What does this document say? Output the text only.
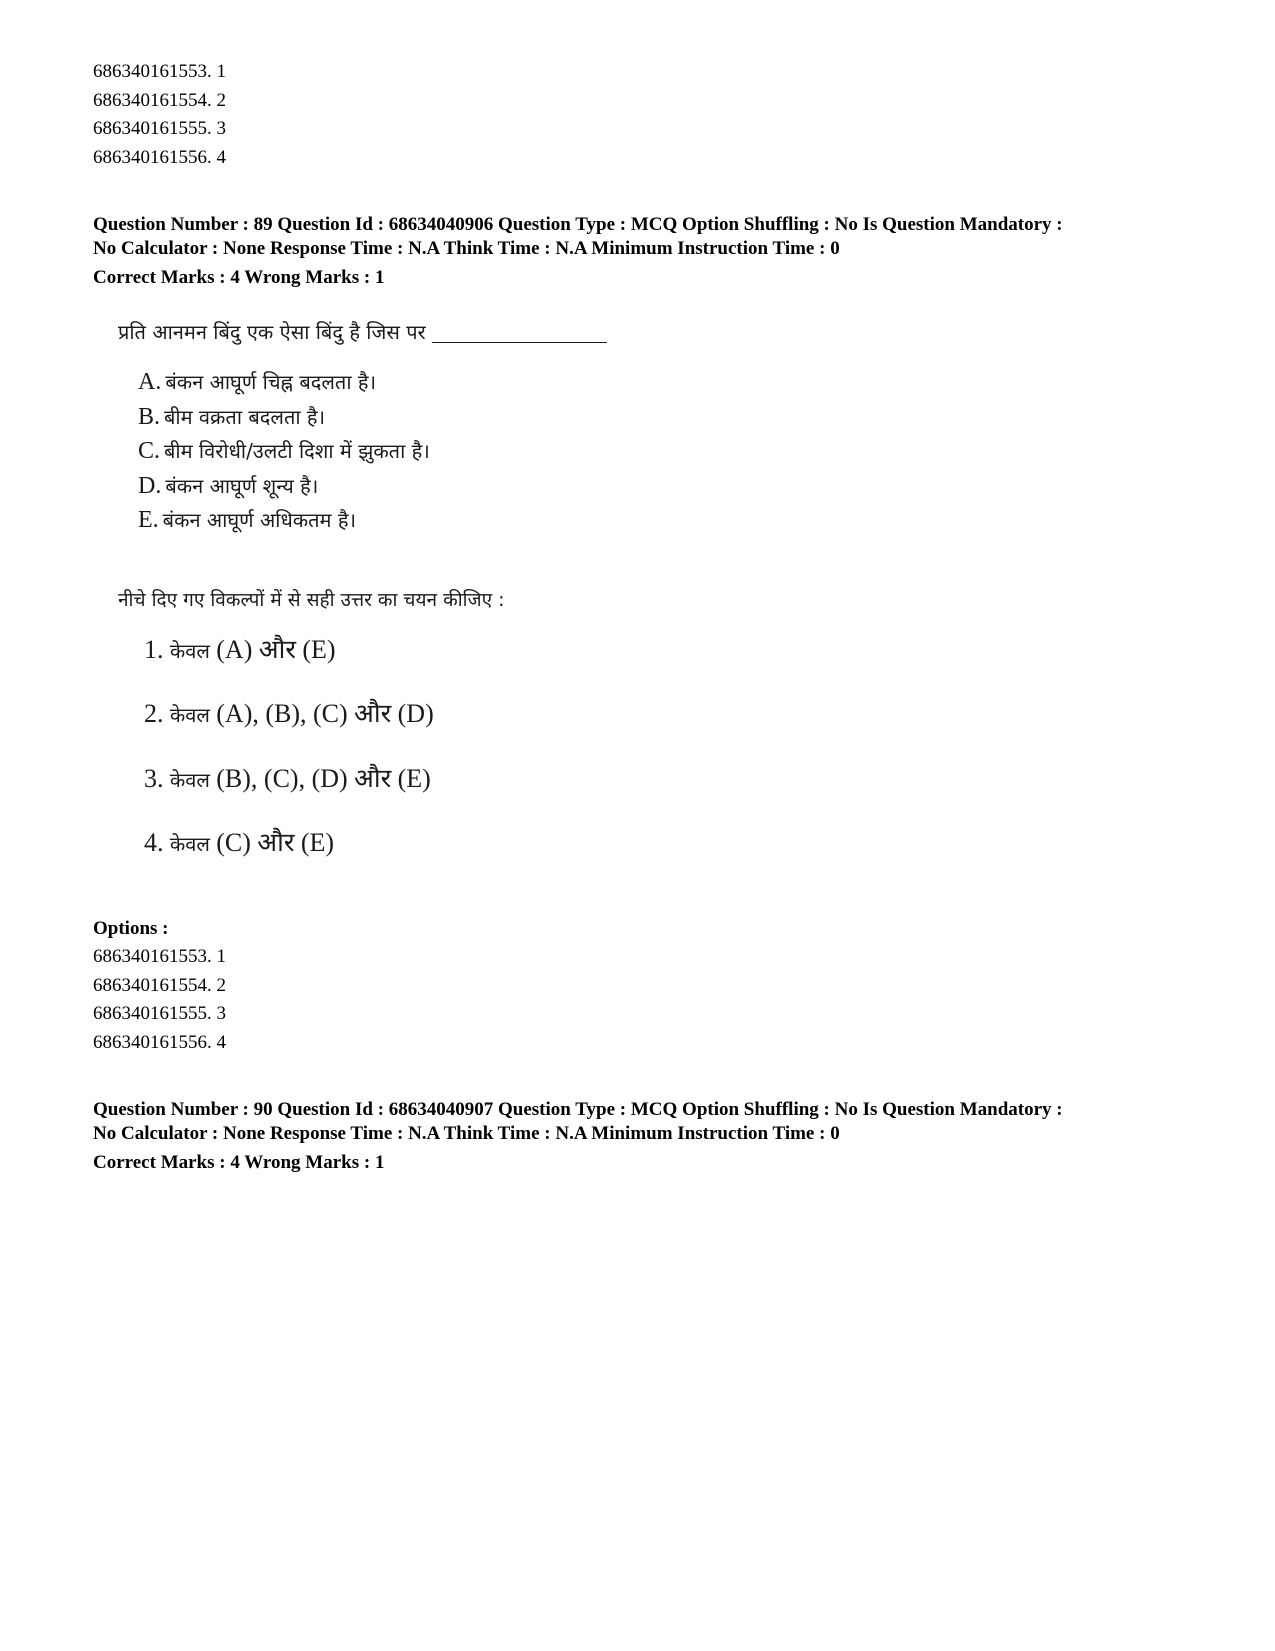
686340161553. 1
686340161554. 2
686340161555. 3
686340161556. 4
Question Number : 89 Question Id : 68634040906 Question Type : MCQ Option Shuffling : No Is Question Mandatory :
No Calculator : None Response Time : N.A Think Time : N.A Minimum Instruction Time : 0
Correct Marks : 4 Wrong Marks : 1
प्रति आनमन बिंदु एक ऐसा बिंदु है जिस पर
A. बंकन आघूर्ण चिह्न बदलता है।
B. बीम वक्रता बदलता है।
C. बीम विरोधी/उलटी दिशा में झुकता है।
D. बंकन आघूर्ण शून्य है।
E. बंकन आघूर्ण अधिकतम है।
नीचे दिए गए विकल्पों में से सही उत्तर का चयन कीजिए :
1. केवल (A) और (E)
2. केवल (A), (B), (C) और (D)
3. केवल (B), (C), (D) और (E)
4. केवल (C) और (E)
Options :
686340161553. 1
686340161554. 2
686340161555. 3
686340161556. 4
Question Number : 90 Question Id : 68634040907 Question Type : MCQ Option Shuffling : No Is Question Mandatory :
No Calculator : None Response Time : N.A Think Time : N.A Minimum Instruction Time : 0
Correct Marks : 4 Wrong Marks : 1
